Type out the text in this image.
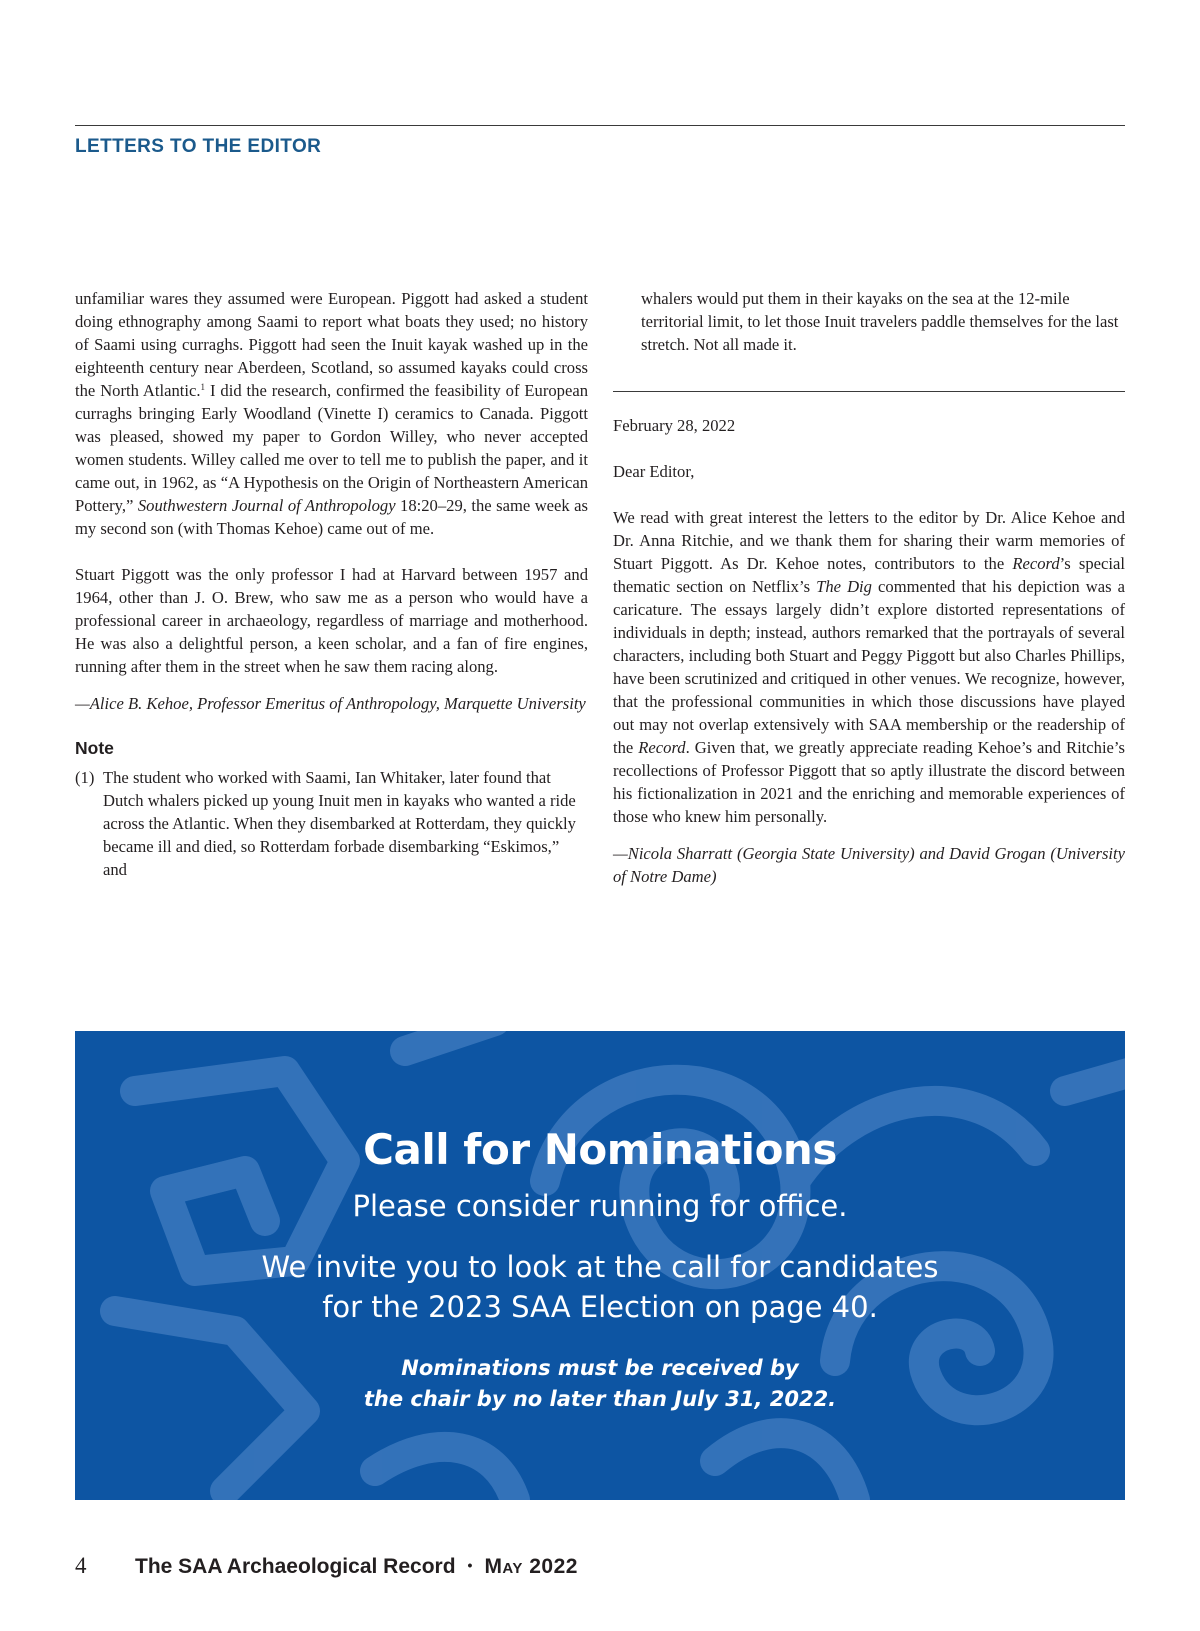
LETTERS TO THE EDITOR

unfamiliar wares they assumed were European. Piggott had asked a student doing ethnography among Saami to report what boats they used; no history of Saami using curraghs. Piggott had seen the Inuit kayak washed up in the eighteenth century near Aberdeen, Scotland, so assumed kayaks could cross the North Atlantic.$^1$ I did the research, confirmed the feasibility of European curraghs bringing Early Woodland (Vinette I) ceramics to Canada. Piggott was pleased, showed my paper to Gordon Willey, who never accepted women students. Willey called me over to tell me to publish the paper, and it came out, in 1962, as “A Hypothesis on the Origin of Northeastern American Pottery,” Southwestern Journal of Anthropology 18:20–29, the same week as my second son (with Thomas Kehoe) came out of me.

Stuart Piggott was the only professor I had at Harvard between 1957 and 1964, other than J. O. Brew, who saw me as a person who would have a professional career in archaeology, regardless of marriage and motherhood. He was also a delightful person, a keen scholar, and a fan of fire engines, running after them in the street when he saw them racing along.

—Alice B. Kehoe, Professor Emeritus of Anthropology, Marquette University

Note
(1) The student who worked with Saami, Ian Whitaker, later found that Dutch whalers picked up young Inuit men in kayaks who wanted a ride across the Atlantic. When they disembarked at Rotterdam, they quickly became ill and died, so Rotterdam forbade disembarking “Eskimos,” and

whalers would put them in their kayaks on the sea at the 12-mile territorial limit, to let those Inuit travelers paddle themselves for the last stretch. Not all made it.

February 28, 2022

Dear Editor,

We read with great interest the letters to the editor by Dr. Alice Kehoe and Dr. Anna Ritchie, and we thank them for sharing their warm memories of Stuart Piggott. As Dr. Kehoe notes, contributors to the Record’s special thematic section on Netflix’s The Dig commented that his depiction was a caricature. The essays largely didn’t explore distorted representations of individuals in depth; instead, authors remarked that the portrayals of several characters, including both Stuart and Peggy Piggott but also Charles Phillips, have been scrutinized and critiqued in other venues. We recognize, however, that the professional communities in which those discussions have played out may not overlap extensively with SAA membership or the readership of the Record. Given that, we greatly appreciate reading Kehoe’s and Ritchie’s recollections of Professor Piggott that so aptly illustrate the discord between his fictionalization in 2021 and the enriching and memorable experiences of those who knew him personally.

—Nicola Sharratt (Georgia State University) and David Grogan (University of Notre Dame)

Call for Nominations
Please consider running for office.
We invite you to look at the call for candidates
for the 2023 SAA Election on page 40.
Nominations must be received by
the chair by no later than July 31, 2022.
4	The SAA Archaeological Record • May 2022
